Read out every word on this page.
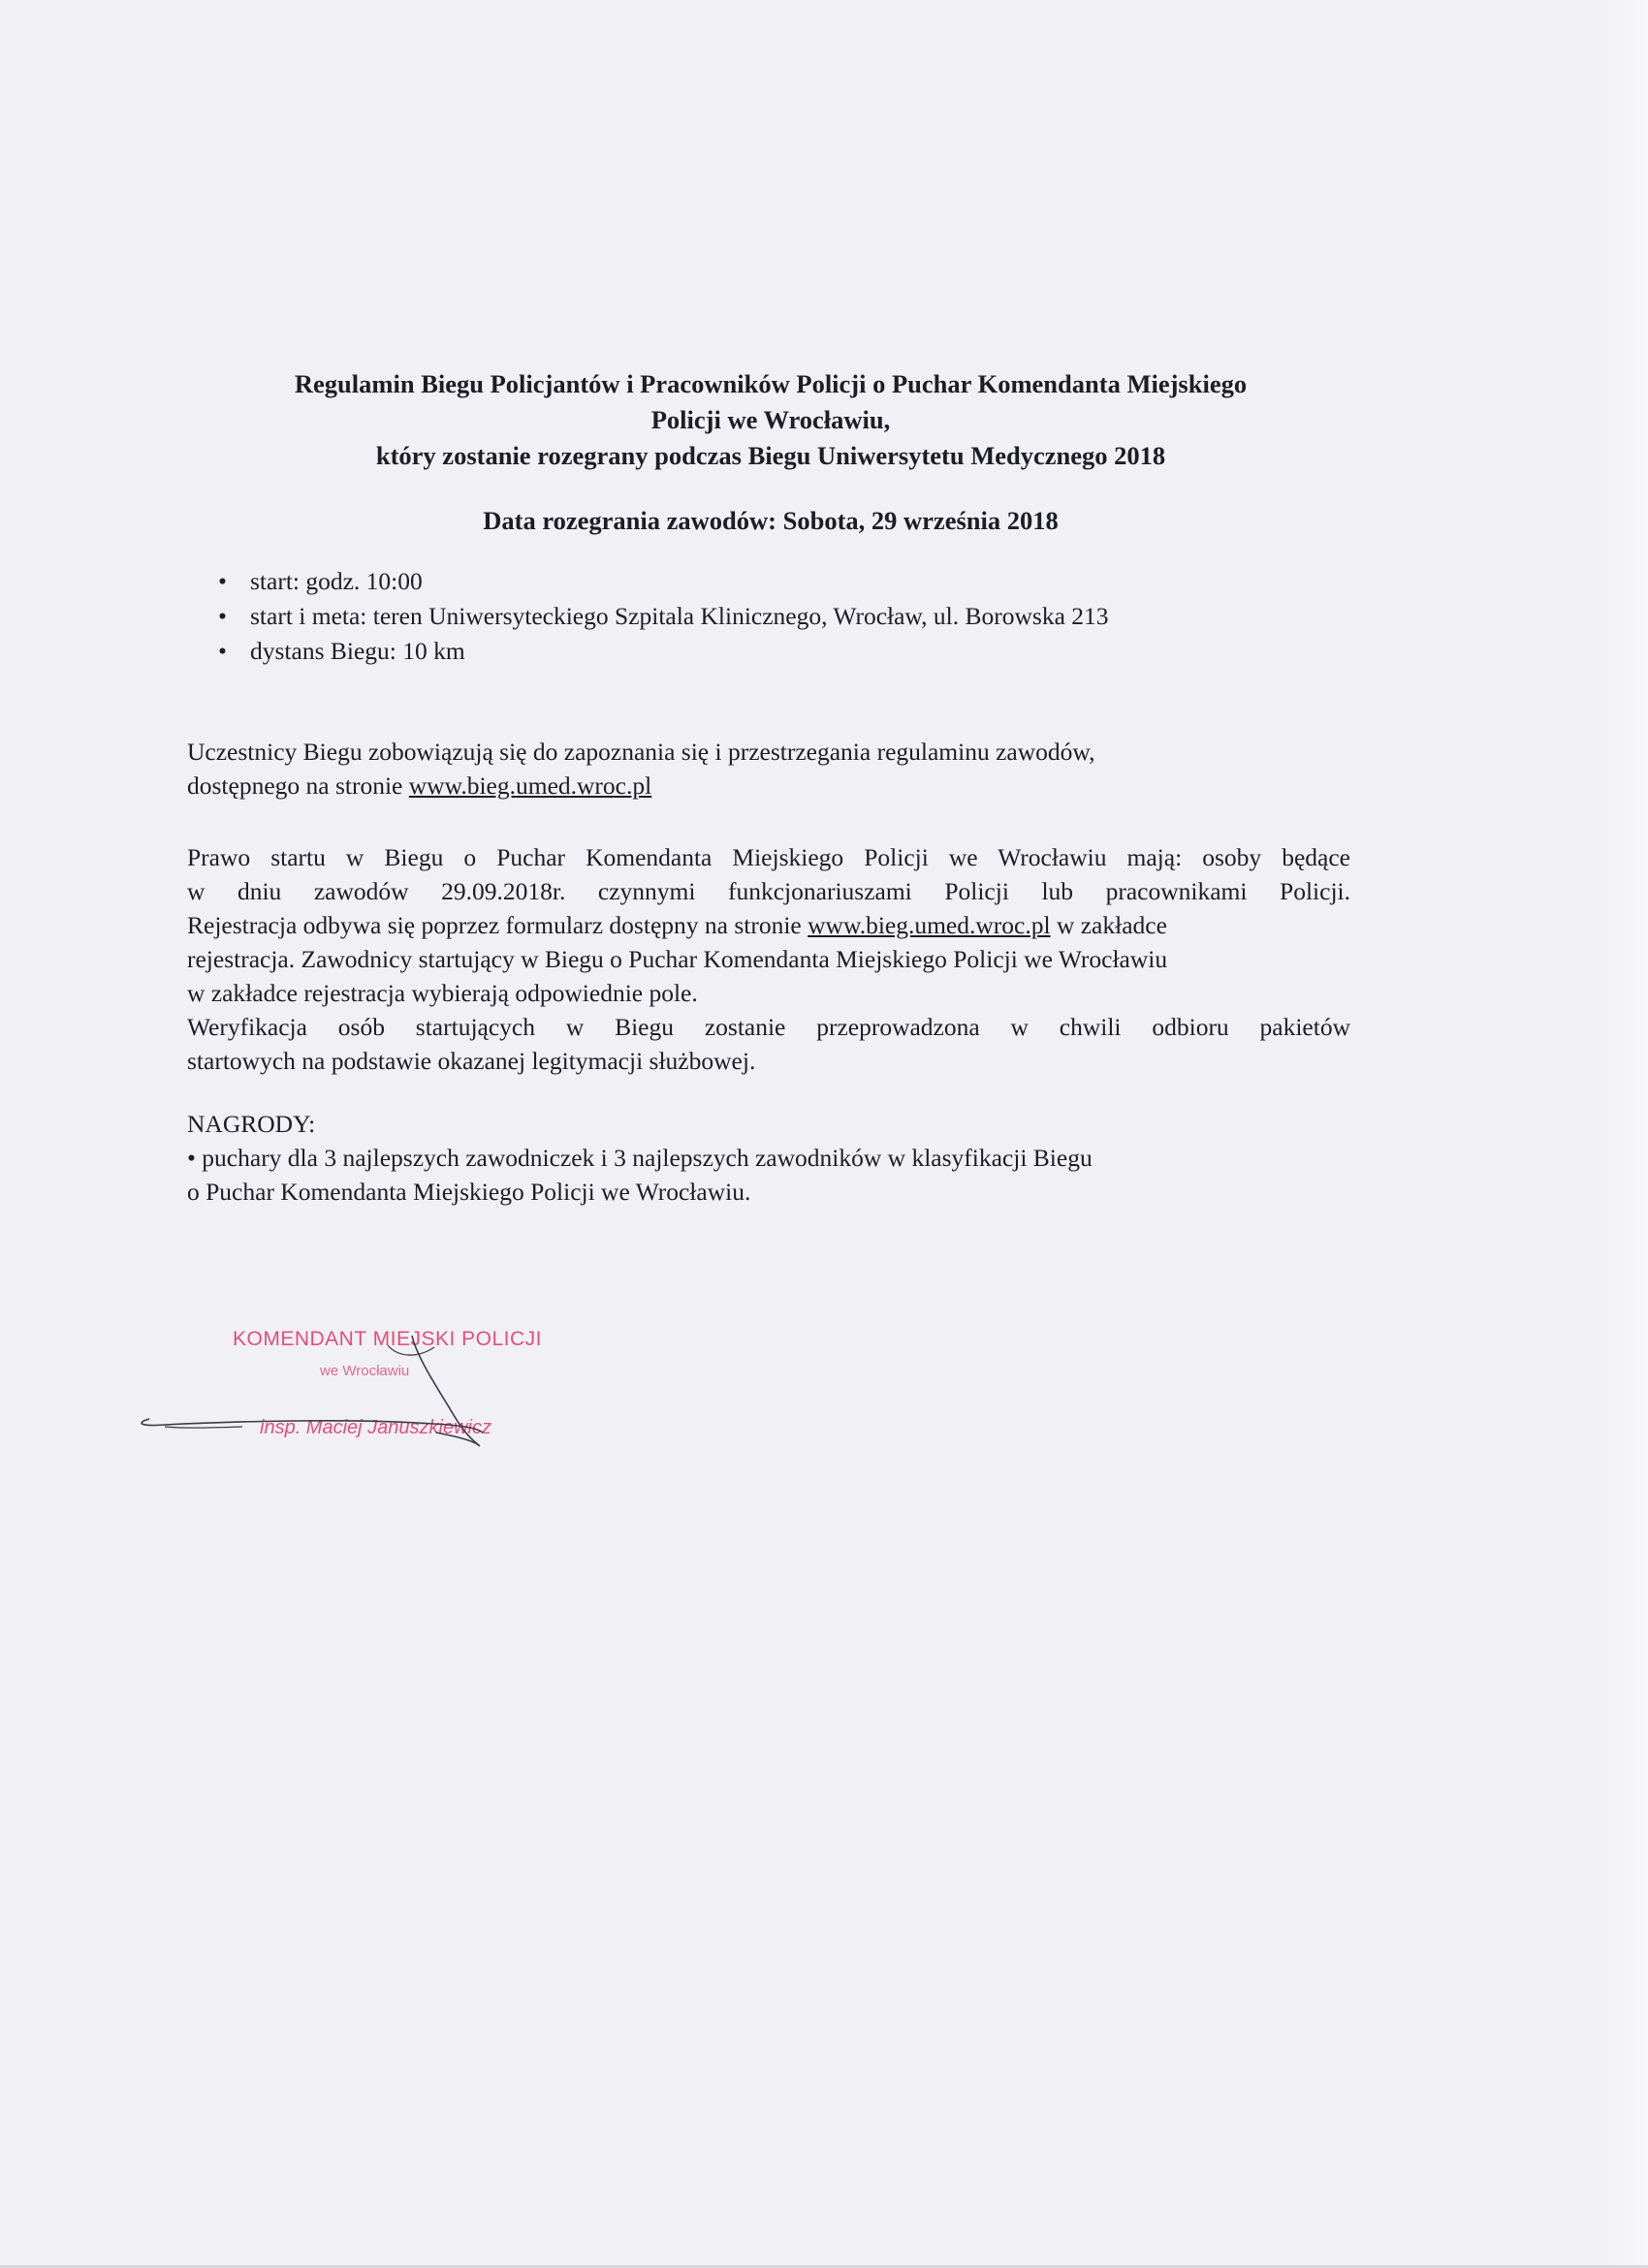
Regulamin Biegu Policjantów i Pracowników Policji o Puchar Komendanta Miejskiego
Policji we Wrocławiu,
który zostanie rozegrany podczas Biegu Uniwersytetu Medycznego 2018
Data rozegrania zawodów: Sobota, 29 września 2018
• start: godz. 10:00
• start i meta: teren Uniwersyteckiego Szpitala Klinicznego, Wrocław, ul. Borowska 213
• dystans Biegu: 10 km
Uczestnicy Biegu zobowiązują się do zapoznania się i przestrzegania regulaminu zawodów,
dostępnego na stronie www.bieg.umed.wroc.pl
Prawo startu w Biegu o Puchar Komendanta Miejskiego Policji we Wrocławiu mają: osoby będące
w dniu zawodów 29.09.2018r. czynnymi funkcjonariuszami Policji lub pracownikami Policji.
Rejestracja odbywa się poprzez formularz dostępny na stronie www.bieg.umed.wroc.pl w zakładce
rejestracja. Zawodnicy startujący w Biegu o Puchar Komendanta Miejskiego Policji we Wrocławiu
w zakładce rejestracja wybierają odpowiednie pole.
Weryfikacja osób startujących w Biegu zostanie przeprowadzona w chwili odbioru pakietów
startowych na podstawie okazanej legitymacji służbowej.
NAGRODY:
• puchary dla 3 najlepszych zawodniczek i 3 najlepszych zawodników w klasyfikacji Biegu
o Puchar Komendanta Miejskiego Policji we Wrocławiu.
KOMENDANT MIEJSKI POLICJI
we Wrocławiu
insp. Maciej Januszkiewicz
